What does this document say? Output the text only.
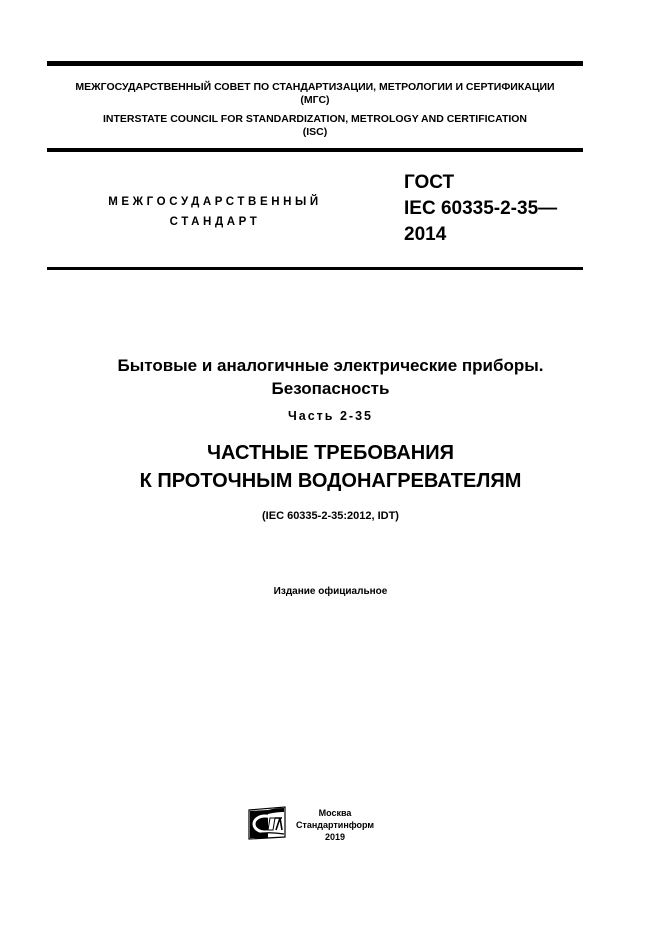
МЕЖГОСУДАРСТВЕННЫЙ СОВЕТ ПО СТАНДАРТИЗАЦИИ, МЕТРОЛОГИИ И СЕРТИФИКАЦИИ
(МГС)
INTERSTATE COUNCIL FOR STANDARDIZATION, METROLOGY AND CERTIFICATION
(ISC)
МЕЖГОСУДАРСТВЕННЫЙ
СТАНДАРТ
ГОСТ
IEC 60335-2-35—
2014
Бытовые и аналогичные электрические приборы.
Безопасность
Часть 2-35
ЧАСТНЫЕ ТРЕБОВАНИЯ
К ПРОТОЧНЫМ ВОДОНАГРЕВАТЕЛЯМ
(IEC 60335-2-35:2012, IDT)
Издание официальное
Москва
Стандартинформ
2019
